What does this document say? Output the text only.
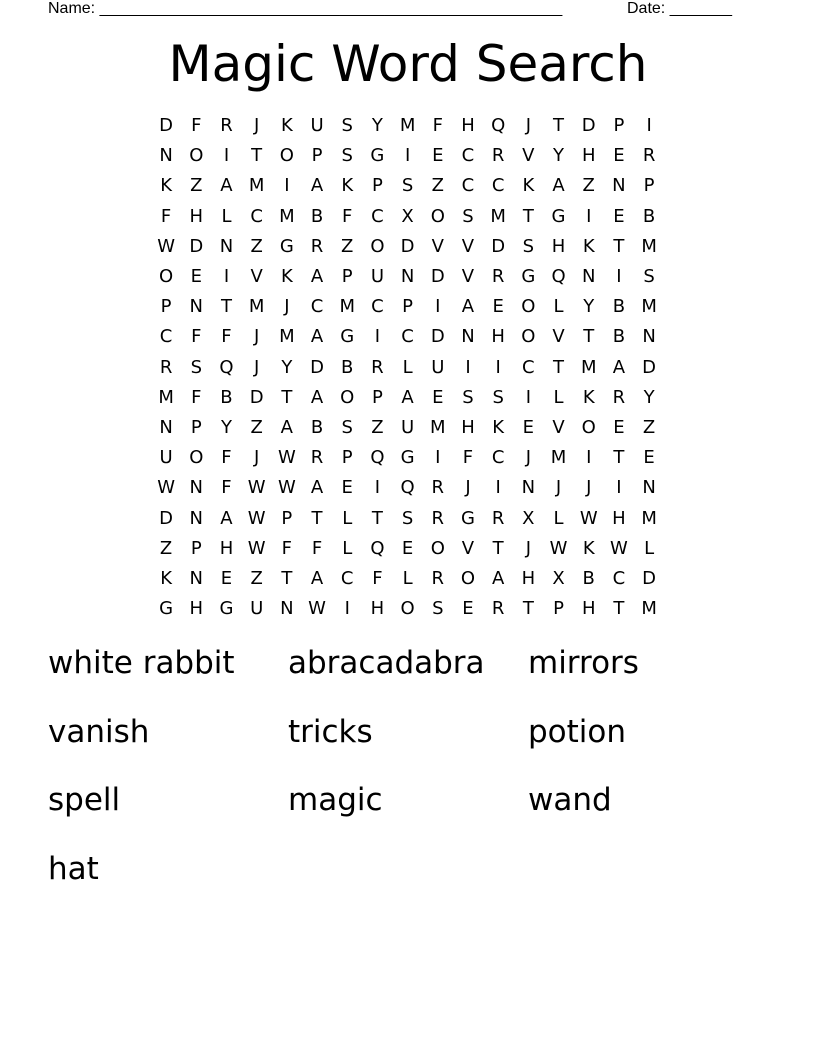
Name: ____________________________________________________	Date: _______
Magic Word Search
D	F	R	J	K U S	Y M F	H Q	J	T D P	I
N O	I	T O P	S G	I	E	C R V	Y H E	R
K	Z A M	I	A	K	P	S	Z C C	K	A Z N	P
F	H	L	C M B	F	C X O S M T G	I	E	B
W D N Z G R Z O D V V D S H K	T M
O E	I	V	K	A	P	U N D V R G Q N	I	S
P	N T M	J	C M C	P	I	A	E O	L	Y	B M
C	F	F	J	M A G	I	C D N H O V	T	B N
R	S Q	J	Y D B R	L	U	I	I	C	T M A D
M F	B D T	A O P	A	E	S	S	I	L	K	R	Y
N	P	Y	Z A B	S	Z U M H K	E	V O E	Z
U O F	J	W R	P Q G	I	F	C	J	M	I	T	E
W N	F W W A	E	I	Q R	J	I	N	J	J	I	N
D N A W P	T	L	T	S	R G R X	L W H M
Z	P H W F	F	L	Q E O V	T	J	W K W L
K N E	Z	T	A C	F	L	R O A H X B C D
G H G U N W	I	H O S	E	R	T	P H T M
white rabbit	abracadabra	mirrors
vanish	tricks	potion
spell	magic	wand
hat
